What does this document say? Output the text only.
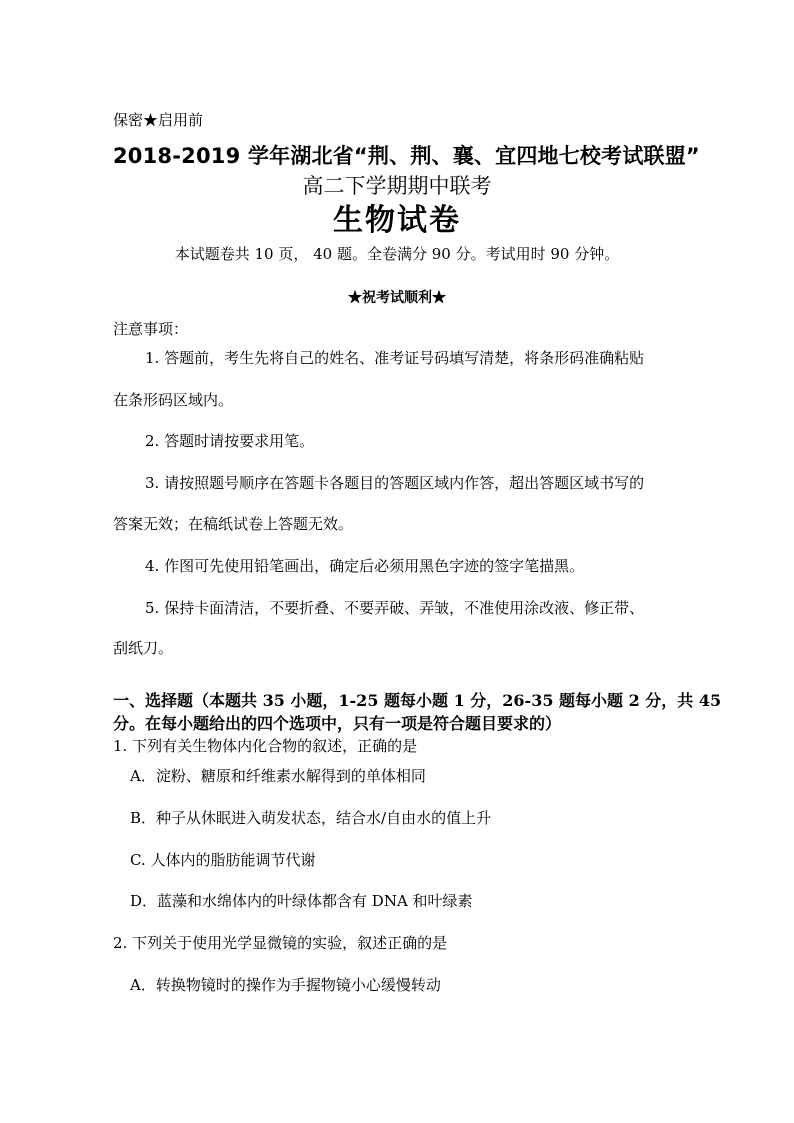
保密★启用前
2018-2019 学年湖北省“荆、荆、襄、宜四地七校考试联盟”
高二下学期期中联考
生物试卷
本试题卷共 10 页， 40 题。全卷满分 90 分。考试用时 90 分钟。
★祝考试顺利★
注意事项：
1. 答题前，考生先将自己的姓名、准考证号码填写清楚，将条形码准确粘贴
在条形码区域内。
2. 答题时请按要求用笔。
3. 请按照题号顺序在答题卡各题目的答题区域内作答，超出答题区域书写的
答案无效；在稿纸试卷上答题无效。
4. 作图可先使用铅笔画出，确定后必须用黑色字迹的签字笔描黑。
5. 保持卡面清洁，不要折叠、不要弄破、弄皱，不准使用涂改液、修正带、
刮纸刀。
一、选择题（本题共 35 小题，1-25 题每小题 1 分，26-35 题每小题 2 分，共 45
分。在每小题给出的四个选项中，只有一项是符合题目要求的）
1. 下列有关生物体内化合物的叙述，正确的是
A．淀粉、糖原和纤维素水解得到的单体相同
B．种子从休眠进入萌发状态，结合水/自由水的值上升
C. 人体内的脂肪能调节代谢
D．蓝藻和水绵体内的叶绿体都含有 DNA 和叶绿素
2. 下列关于使用光学显微镜的实验，叙述正确的是
A．转换物镜时的操作为手握物镜小心缓慢转动
